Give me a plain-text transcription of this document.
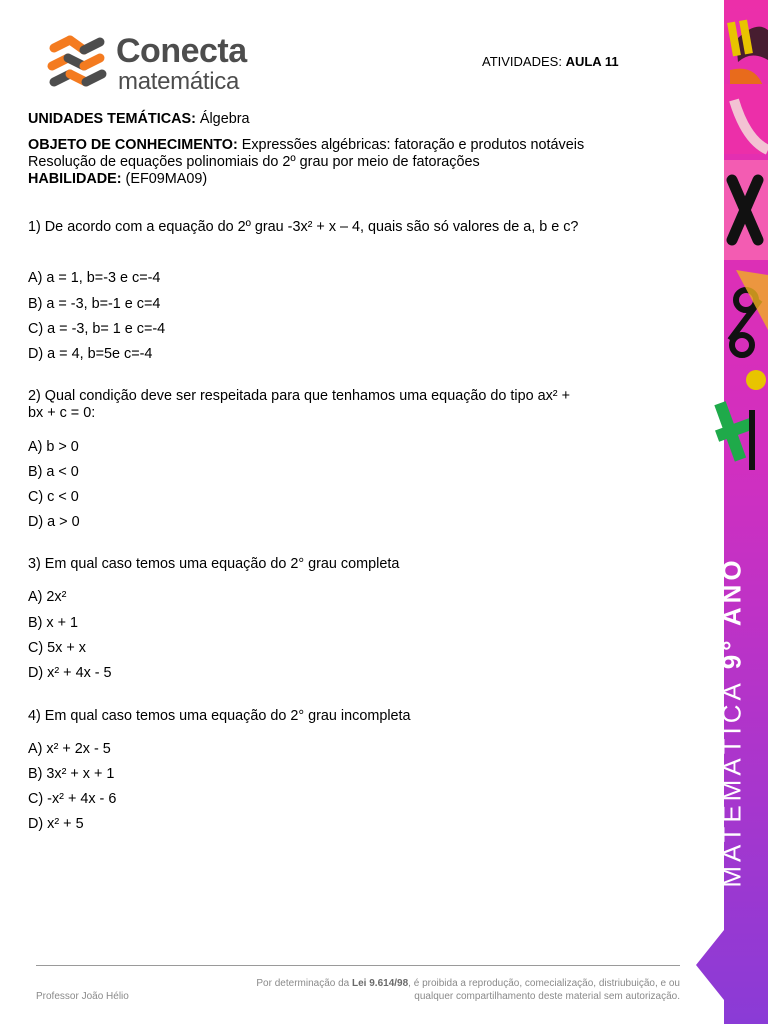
Conecta
matemática
ATIVIDADES: AULA 11

UNIDADES TEMÁTICAS: Álgebra

OBJETO DE CONHECIMENTO: Expressões algébricas: fatoração e produtos notáveis Resolução de equações polinomiais do 2º grau por meio de fatorações

HABILIDADE: (EF09MA09)

1) De acordo com a equação do 2º grau -3x² + x – 4, quais são só valores de a, b e c?

A) a = 1, b=-3 e c=-4
B) a = -3, b=-1 e c=4
C) a = -3, b= 1 e c=-4
D) a = 4, b=5e c=-4

2) Qual condição deve ser respeitada para que tenhamos uma equação do tipo ax² + bx + c = 0:

A) b > 0
B) a < 0
C) c < 0
D) a > 0

3) Em qual caso temos uma equação do 2° grau completa

A) 2x²
B) x + 1
C) 5x + x
D) x² + 4x - 5

4) Em qual caso temos uma equação do 2° grau incompleta

A) x² + 2x - 5
B) 3x² + x + 1
C) -x² + 4x - 6
D) x² + 5	MATEMÁTICA 9° ANO
Professor João Hélio
Por determinação da Lei 9.614/98, é proibida a reprodução, comecialização, distriubuição, e ou qualquer compartilhamento deste material sem autorização.
